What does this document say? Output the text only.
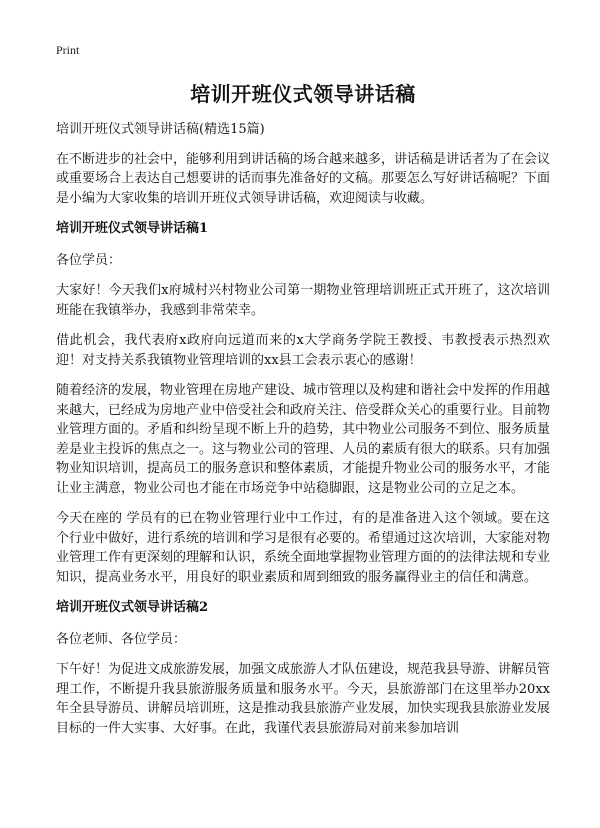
Print
培训开班仪式领导讲话稿

培训开班仪式领导讲话稿(精选15篇)

在不断进步的社会中，能够利用到讲话稿的场合越来越多，讲话稿是讲话者为了在会议或重要场合上表达自己想要讲的话而事先准备好的文稿。那要怎么写好讲话稿呢？下面是小编为大家收集的培训开班仪式领导讲话稿，欢迎阅读与收藏。

培训开班仪式领导讲话稿1

各位学员：

大家好！今天我们x府城村兴村物业公司第一期物业管理培训班正式开班了，这次培训班能在我镇举办，我感到非常荣幸。

借此机会，我代表府x政府向远道而来的x大学商务学院王教授、韦教授表示热烈欢迎！对支持关系我镇物业管理培训的xx县工会表示衷心的感谢！

随着经济的发展，物业管理在房地产建设、城市管理以及构建和谐社会中发挥的作用越来越大，已经成为房地产业中倍受社会和政府关注、倍受群众关心的重要行业。目前物业管理方面的。矛盾和纠纷呈现不断上升的趋势，其中物业公司服务不到位、服务质量差是业主投诉的焦点之一。这与物业公司的管理、人员的素质有很大的联系。只有加强物业知识培训，提高员工的服务意识和整体素质，才能提升物业公司的服务水平，才能让业主满意，物业公司也才能在市场竞争中站稳脚跟，这是物业公司的立足之本。

今天在座的 学员有的已在物业管理行业中工作过，有的是准备进入这个领域。要在这个行业中做好，进行系统的培训和学习是很有必要的。希望通过这次培训，大家能对物业管理工作有更深刻的理解和认识，系统全面地掌握物业管理方面的的法律法规和专业知识，提高业务水平，用良好的职业素质和周到细致的服务赢得业主的信任和满意。

培训开班仪式领导讲话稿2

各位老师、各位学员：

下午好！为促进文成旅游发展，加强文成旅游人才队伍建设，规范我县导游、讲解员管理工作，不断提升我县旅游服务质量和服务水平。今天，县旅游部门在这里举办20xx年全县导游员、讲解员培训班，这是推动我县旅游产业发展，加快实现我县旅游业发展目标的一件大实事、大好事。在此，我谨代表县旅游局对前来参加培训
